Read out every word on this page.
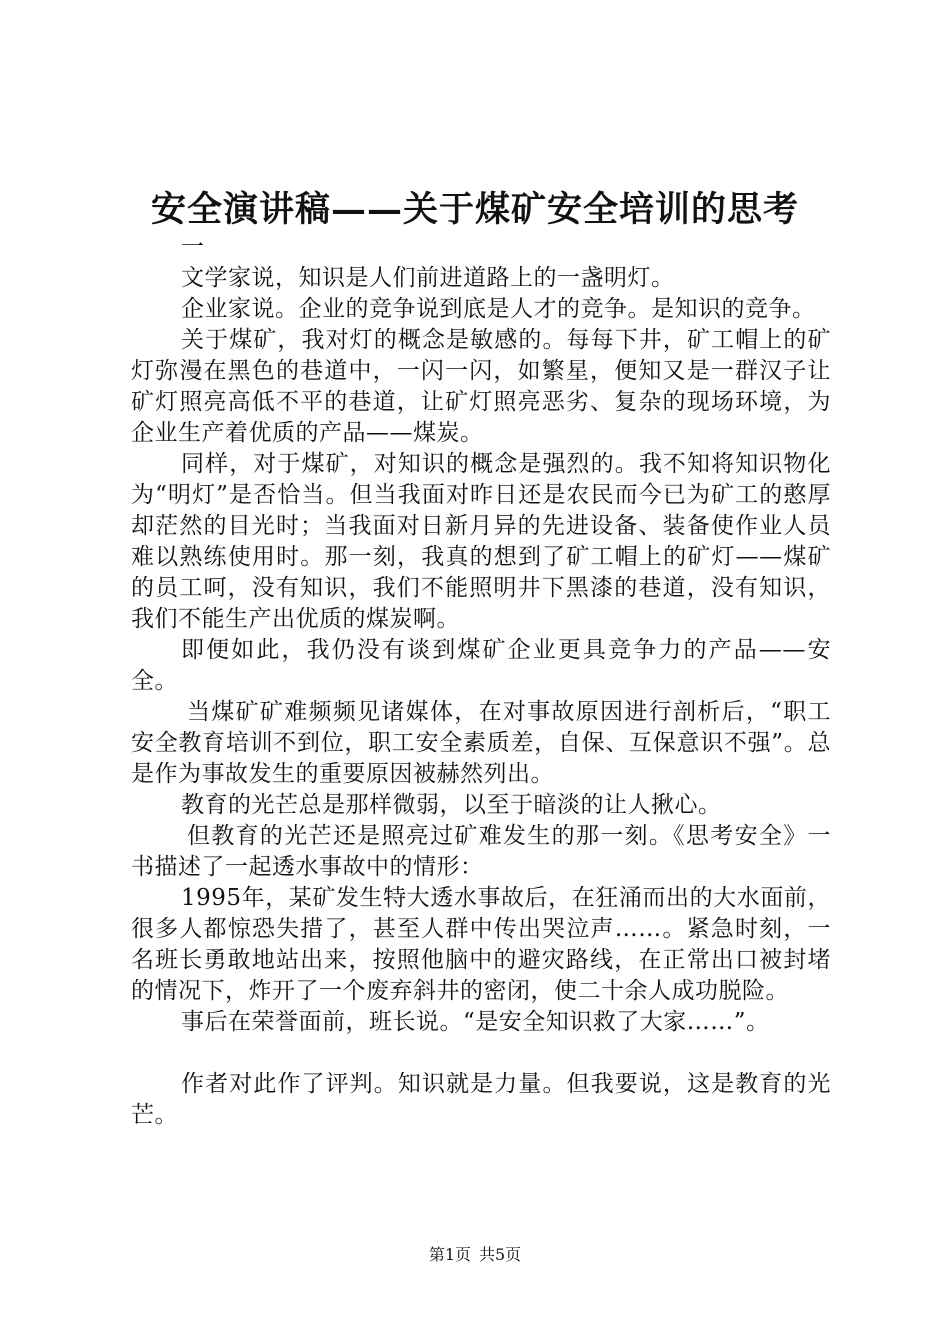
安全演讲稿——关于煤矿安全培训的思考

一

文学家说，知识是人们前进道路上的一盏明灯。

企业家说。企业的竞争说到底是人才的竞争。是知识的竞争。

关于煤矿，我对灯的概念是敏感的。每每下井，矿工帽上的矿灯弥漫在黑色的巷道中，一闪一闪，如繁星，便知又是一群汉子让矿灯照亮高低不平的巷道，让矿灯照亮恶劣、复杂的现场环境，为企业生产着优质的产品——煤炭。

同样，对于煤矿，对知识的概念是强烈的。我不知将知识物化为“明灯”是否恰当。但当我面对昨日还是农民而今已为矿工的憨厚却茫然的目光时；当我面对日新月异的先进设备、装备使作业人员难以熟练使用时。那一刻，我真的想到了矿工帽上的矿灯——煤矿的员工呵，没有知识，我们不能照明井下黑漆的巷道，没有知识，我们不能生产出优质的煤炭啊。

即便如此，我仍没有谈到煤矿企业更具竞争力的产品——安全。

当煤矿矿难频频见诸媒体，在对事故原因进行剖析后，“职工安全教育培训不到位，职工安全素质差，自保、互保意识不强”。总是作为事故发生的重要原因被赫然列出。

教育的光芒总是那样微弱，以至于暗淡的让人揪心。

但教育的光芒还是照亮过矿难发生的那一刻。《思考安全》一书描述了一起透水事故中的情形：

1995年，某矿发生特大透水事故后，在狂涌而出的大水面前，很多人都惊恐失措了，甚至人群中传出哭泣声……。紧急时刻，一名班长勇敢地站出来，按照他脑中的避灾路线，在正常出口被封堵的情况下，炸开了一个废弃斜井的密闭，使二十余人成功脱险。

事后在荣誉面前，班长说。“是安全知识救了大家……”。

作者对此作了评判。知识就是力量。但我要说，这是教育的光芒。

第1页 共5页
